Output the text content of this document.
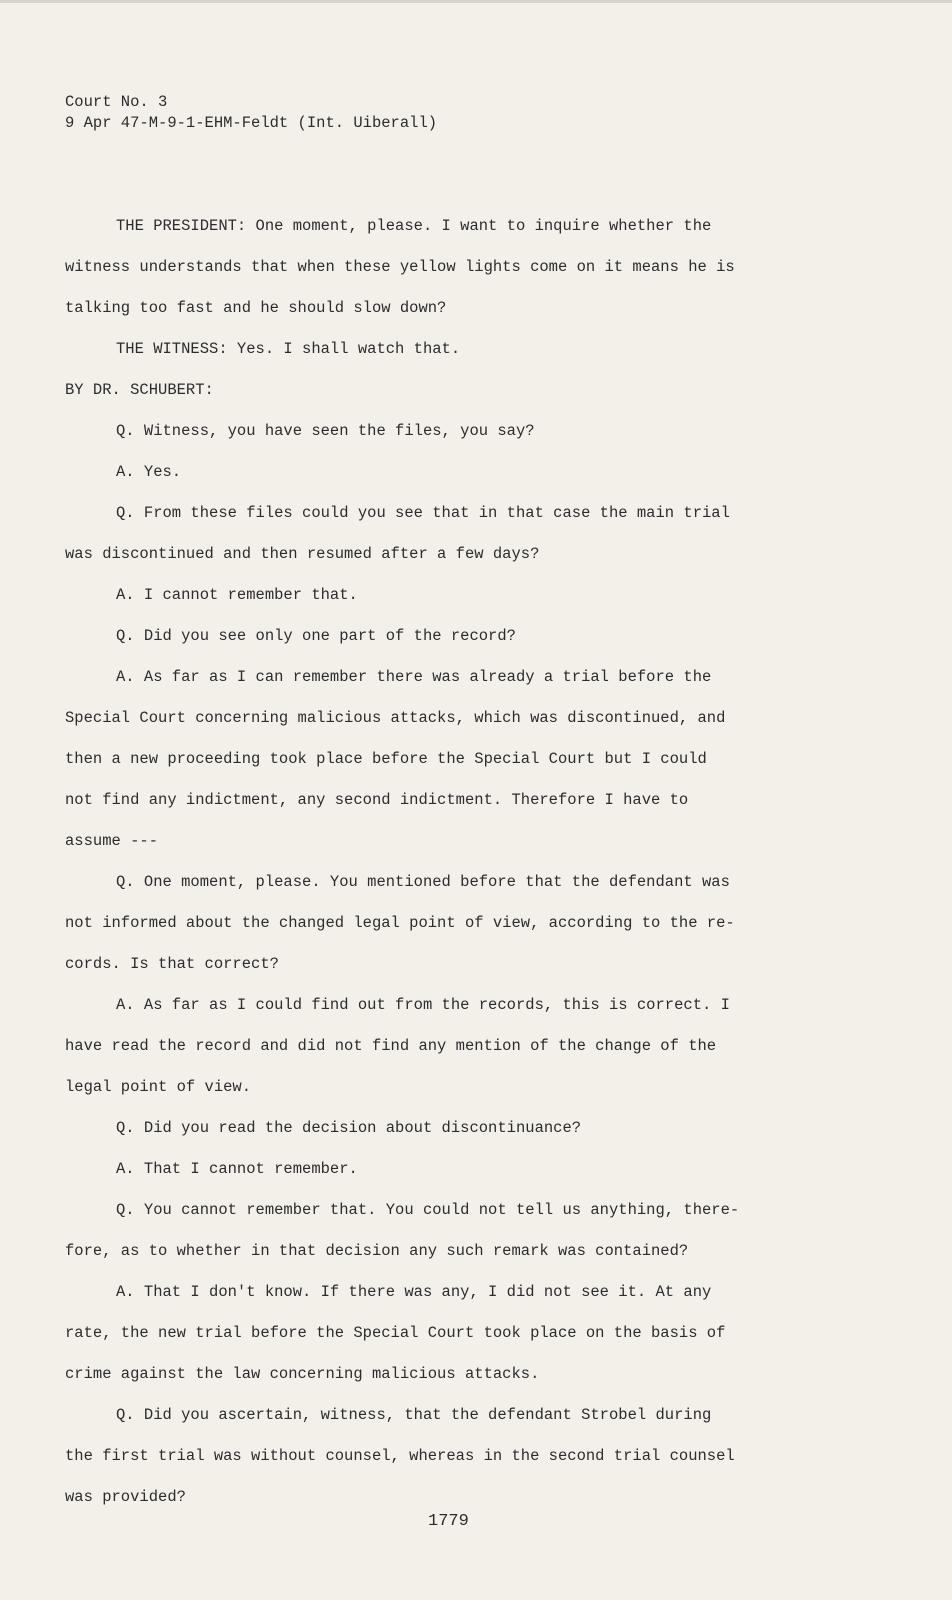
Court No. 3
9 Apr 47-M-9-1-EHM-Feldt (Int. Uiberall)
THE PRESIDENT: One moment, please. I want to inquire whether the
witness understands that when these yellow lights come on it means he is
talking too fast and he should slow down?
THE WITNESS: Yes. I shall watch that.
BY DR. SCHUBERT:
Q. Witness, you have seen the files, you say?
A. Yes.
Q. From these files could you see that in that case the main trial
was discontinued and then resumed after a few days?
A. I cannot remember that.
Q. Did you see only one part of the record?
A. As far as I can remember there was already a trial before the
Special Court concerning malicious attacks, which was discontinued, and
then a new proceeding took place before the Special Court but I could
not find any indictment, any second indictment. Therefore I have to
assume ---
Q. One moment, please. You mentioned before that the defendant was
not informed about the changed legal point of view, according to the re-
cords. Is that correct?
A. As far as I could find out from the records, this is correct. I
have read the record and did not find any mention of the change of the
legal point of view.
Q. Did you read the decision about discontinuance?
A. That I cannot remember.
Q. You cannot remember that. You could not tell us anything, there-
fore, as to whether in that decision any such remark was contained?
A. That I don't know. If there was any, I did not see it. At any
rate, the new trial before the Special Court took place on the basis of
crime against the law concerning malicious attacks.
Q. Did you ascertain, witness, that the defendant Strobel during
the first trial was without counsel, whereas in the second trial counsel
was provided?
1779
